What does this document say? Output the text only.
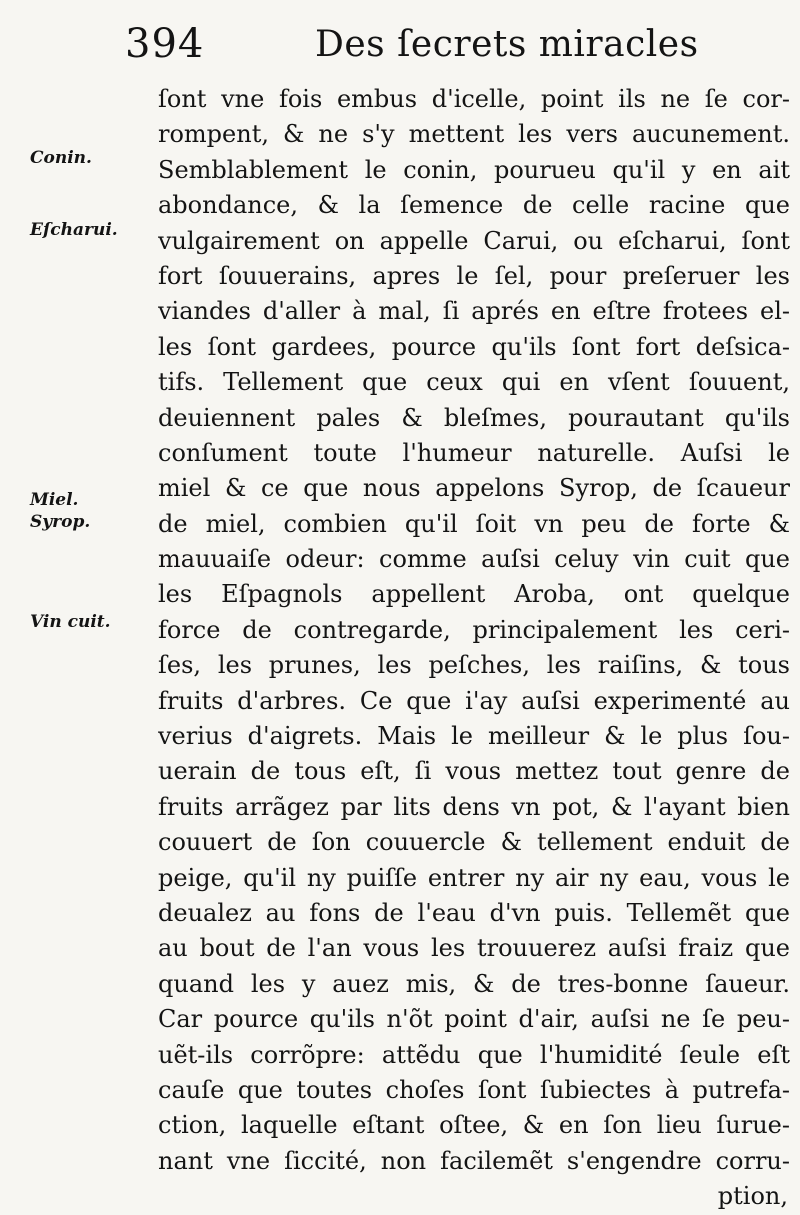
394	Des ſecrets miracles
Conin.
Eſcharui.
Miel.
Syrop.
Vin cuit.
ſont vne fois embus d'icelle, point ils ne ſe cor-
rompent, & ne s'y mettent les vers aucunement.
Semblablement le conin, pourueu qu'il y en ait
abondance, & la ſemence de celle racine que
vulgairement on appelle Carui, ou eſcharui, ſont
fort ſouuerains, apres le ſel, pour preſeruer les
viandes d'aller à mal, ſi aprés en eſtre frotees el-
les ſont gardees, pource qu'ils ſont fort deſsica-
tifs. Tellement que ceux qui en vſent ſouuent,
deuiennent pales & bleſmes, pourautant qu'ils
conſument toute l'humeur naturelle. Auſsi le
miel & ce que nous appelons Syrop, de ſcaueur
de miel, combien qu'il ſoit vn peu de forte &
mauuaiſe odeur: comme auſsi celuy vin cuit que
les Eſpagnols appellent Aroba, ont quelque
force de contregarde, principalement les ceri-
ſes, les prunes, les peſches, les raiſins, & tous
fruits d'arbres. Ce que i'ay auſsi experimenté au
verius d'aigrets. Mais le meilleur & le plus ſou-
uerain de tous eſt, ſi vous mettez tout genre de
fruits arrãgez par lits dens vn pot, & l'ayant bien
couuert de ſon couuercle & tellement enduit de
peige, qu'il ny puiſſe entrer ny air ny eau, vous le
deualez au fons de l'eau d'vn puis. Tellemẽt que
au bout de l'an vous les trouuerez auſsi fraiz que
quand les y auez mis, & de tres-bonne ſaueur.
Car pource qu'ils n'õt point d'air, auſsi ne ſe peu-
uẽt-ils corrõpre: attẽdu que l'humidité ſeule eſt
cauſe que toutes choſes ſont ſubiectes à putrefa-
ction, laquelle eſtant oſtee, & en ſon lieu ſurue-
nant vne ſiccité, non facilemẽt s'engendre corru-
ption,
